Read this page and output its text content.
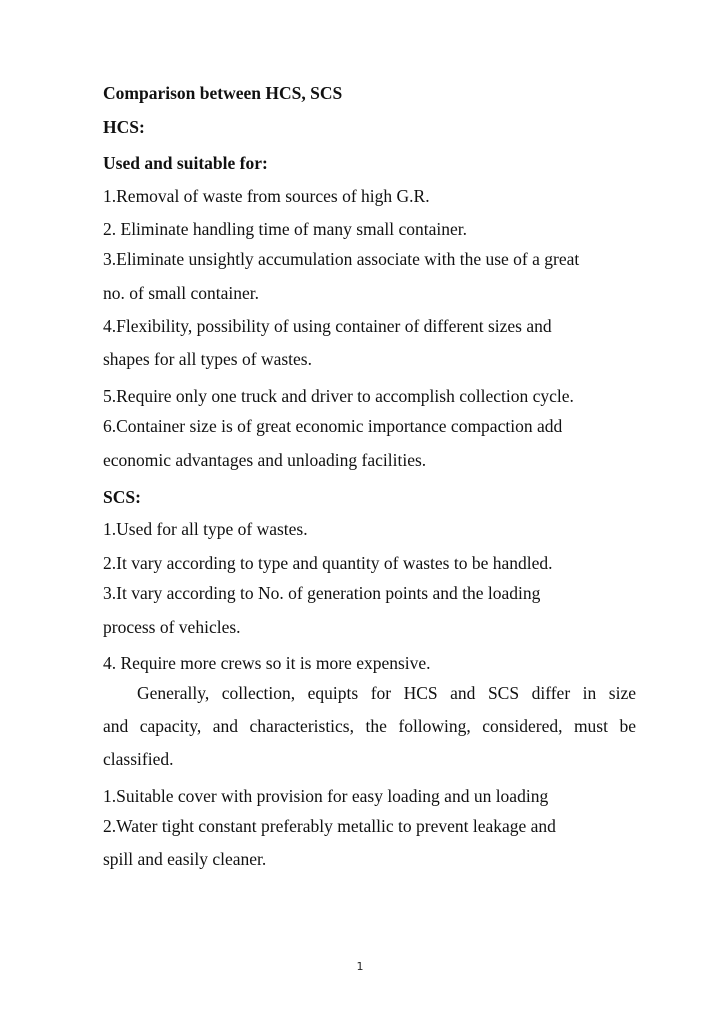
Comparison between HCS, SCS

HCS:

Used and suitable for:

1.Removal of waste from sources of high G.R.

2. Eliminate handling time of many small container.

3.Eliminate unsightly accumulation associate with the use of a great

no. of small container.

4.Flexibility, possibility of using container of different sizes and

shapes for all types of wastes.

5.Require only one truck and driver to accomplish collection cycle.

6.Container size is of great economic importance compaction add

economic advantages and unloading facilities.

SCS:

1.Used for all type of wastes.

2.It vary according to type and quantity of wastes to be handled.

3.It vary according to No. of generation points and the loading

process of vehicles.

4. Require more crews so it is more expensive.

Generally, collection, equipts for HCS and SCS differ in size

and capacity, and characteristics, the following, considered, must be

classified.

1.Suitable cover with provision for easy loading and un loading

2.Water tight constant preferably metallic to prevent leakage and

spill and easily cleaner.

1
